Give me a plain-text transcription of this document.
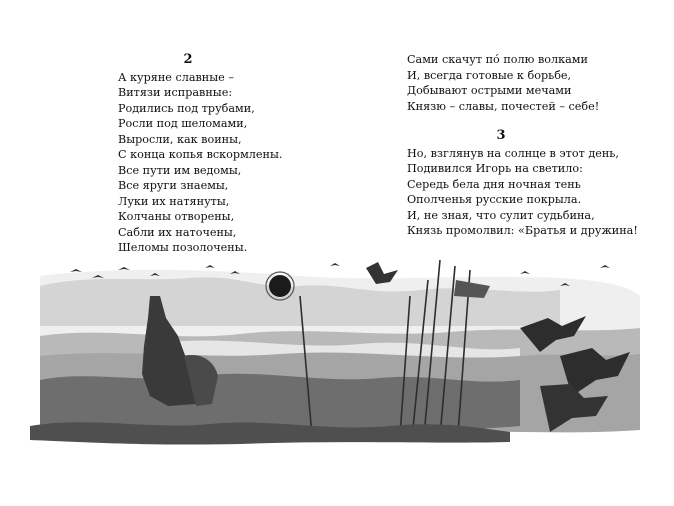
2
А куряне славные –
Витязи исправные:
Родились под трубами,
Росли под шеломами,
Выросли, как воины,
С конца копья вскормлены.
Все пути им ведомы,
Все яруги знаемы,
Луки их натянуты,
Колчаны отворены,
Сабли их наточены,
Шеломы позолочены.
Сами скачут по́ полю волками
И, всегда готовые к борьбе,
Добывают острыми мечами
Князю – славы, почестей – себе!
3
Но, взглянув на солнце в этот день,
Подивился Игорь на светило:
Середь бела дня ночная тень
Ополченья русские покрыла.
И, не зная, что сулит судьбина,
Князь промолвил: «Братья и дружина!
